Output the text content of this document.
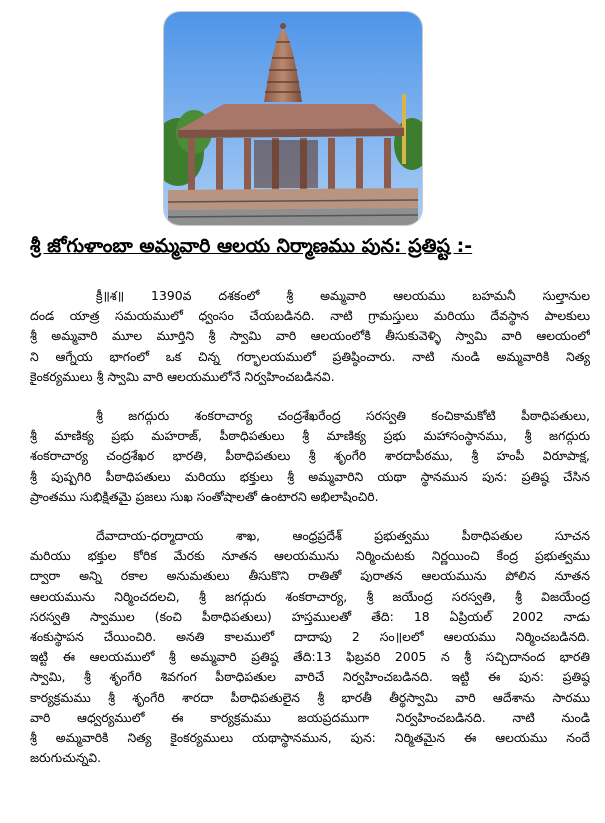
శ్రీ జోగుళాంబా అమ్మవారి ఆలయ నిర్మాణము పున: ప్రతిష్ట :-
క్రీ॥శ॥ 1390వ దశకంలో శ్రీ అమ్మవారి ఆలయము బహమనీ సుల్తానుల
దండ యాత్ర సమయములో ధ్వంసం చేయబడినది. నాటి గ్రామస్తులు మరియు దేవస్థాన పాలకులు
శ్రీ అమ్మవారి మూల మూర్తిని శ్రీ స్వామి వారి ఆలయంలోకి తీసుకువెళ్ళి స్వామి వారి ఆలయంలో
ని ఆగ్నేయ భాగంలో ఒక చిన్న గర్భాలయములో ప్రతిష్ఠించారు. నాటి నుండి అమ్మవారికి నిత్య
కైంకర్యములు శ్రీ స్వామి వారి ఆలయములోనే నిర్వహించబడినవి.
శ్రీ జగద్గురు శంకరాచార్య చంద్రశేఖరేంద్ర సరస్వతి కంచికామకోటి పీఠాధిపతులు,
శ్రీ మాణిక్య ప్రభు మహరాజ్, పీఠాధిపతులు శ్రీ మాణిక్య ప్రభు మహాసంస్థానము, శ్రీ జగద్గురు
శంకరాచార్య చంద్రశేఖర భారతి, పీఠాధిపతులు శ్రీ శృంగేరి శారదాపీఠము, శ్రీ హంపీ విరూపాక్ష,
శ్రీ పుష్పగిరి పీఠాధిపతులు మరియు భక్తులు శ్రీ అమ్మవారిని యథా స్థానమున పున: ప్రతిష్ఠ చేసిన
ప్రాంతము సుభిక్షితమై ప్రజలు సుఖ సంతోషాలతో ఉంటారని అభిలాషించిరి.
దేవాదాయ-ధర్మాదాయ శాఖ, ఆంధ్రప్రదేశ్ ప్రభుత్వము పీఠాధిపతుల సూచన
మరియు భక్తుల కోరిక మేరకు నూతన ఆలయమును నిర్మించుటకు నిర్ణయించి కేంద్ర ప్రభుత్వము
ద్వారా అన్ని రకాల అనుమతులు తీసుకొని రాతితో పురాతన ఆలయమును పోలిన నూతన
ఆలయమును నిర్మించదలచి, శ్రీ జగద్గురు శంకరాచార్య, శ్రీ జయేంద్ర సరస్వతి, శ్రీ విజయేంద్ర
సరస్వతి స్వాముల (కంచి పీఠాధిపతులు) హస్తములతో తేది: 18 ఏప్రియల్ 2002 నాడు
శంకుస్థాపన చేయించిరి. అనతి కాలములో దాదాపు 2 సం॥లలో ఆలయము నిర్మించబడినది.
ఇట్టి ఈ ఆలయములో శ్రీ అమ్మవారి ప్రతిష్ఠ తేది:13 ఫిబ్రవరి 2005 న శ్రీ సచ్చిదానంద భారతి
స్వామి, శ్రీ శృంగేరి శివగంగ పీఠాధిపతుల వారిచే నిర్వహించబడినది. ఇట్టి ఈ పున: ప్రతిష్ఠ
కార్యక్రమము శ్రీ శృంగేరి శారదా పీఠాధిపతులైన శ్రీ భారతీ తీర్థస్వామి వారి ఆదేశాను సారము
వారి ఆధ్వర్యములో ఈ కార్యక్రమము జయప్రదముగా నిర్వహించబడినది. నాటి నుండి
శ్రీ అమ్మవారికి నిత్య కైంకర్యములు యథాస్థానమున, పున: నిర్మితమైన ఈ ఆలయము నందే
జరుగుచున్నవి.
